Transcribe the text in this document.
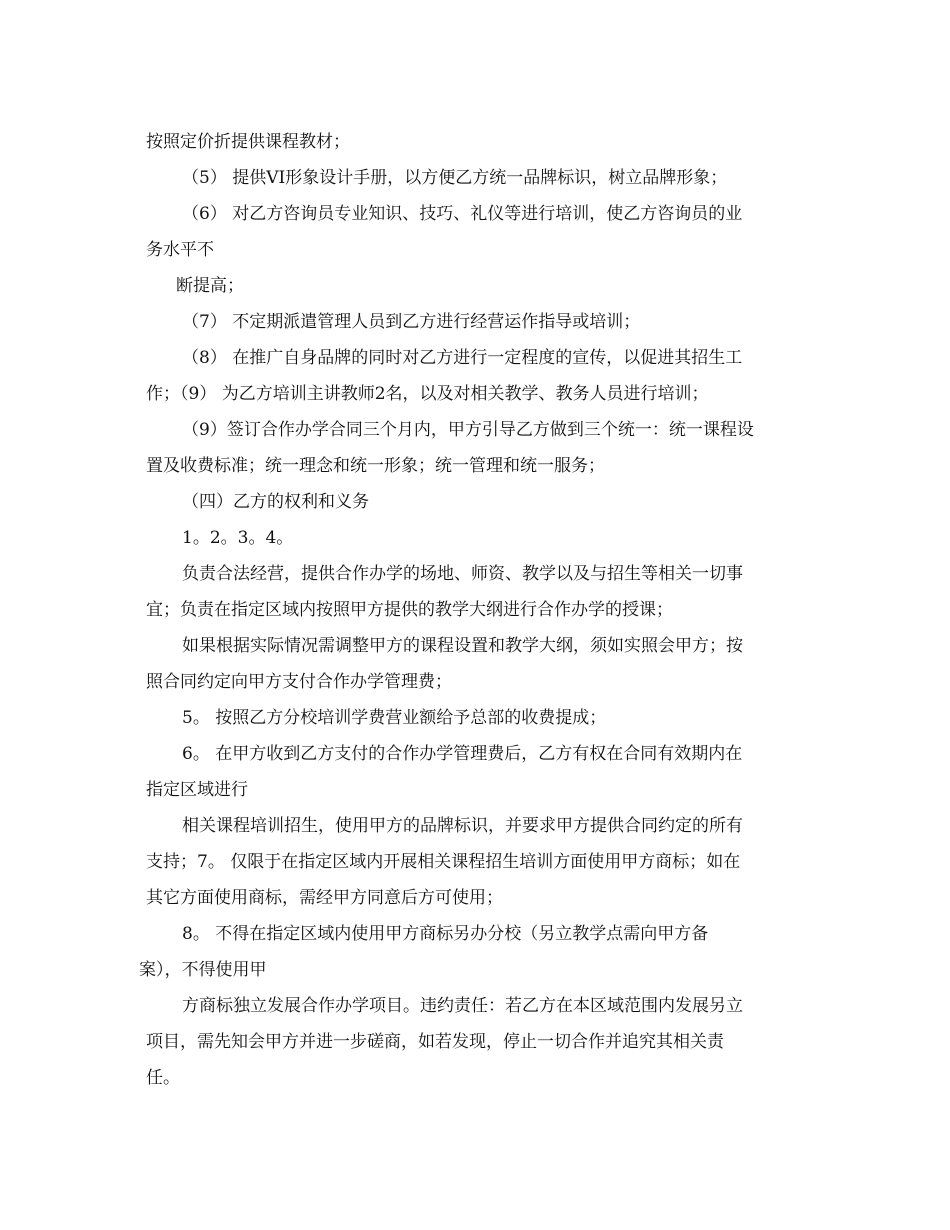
按照定价折提供课程教材；
（5） 提供VI形象设计手册，以方便乙方统一品牌标识，树立品牌形象；
（6） 对乙方咨询员专业知识、技巧、礼仪等进行培训，使乙方咨询员的业
务水平不
断提高；
（7） 不定期派遣管理人员到乙方进行经营运作指导或培训；
（8） 在推广自身品牌的同时对乙方进行一定程度的宣传，以促进其招生工
作；（9） 为乙方培训主讲教师2名，以及对相关教学、教务人员进行培训；
（9）签订合作办学合同三个月内，甲方引导乙方做到三个统一：统一课程设
置及收费标准；统一理念和统一形象；统一管理和统一服务；
（四）乙方的权利和义务
1。2。3。4。
负责合法经营，提供合作办学的场地、师资、教学以及与招生等相关一切事
宜；负责在指定区域内按照甲方提供的教学大纲进行合作办学的授课；
如果根据实际情况需调整甲方的课程设置和教学大纲，须如实照会甲方；按
照合同约定向甲方支付合作办学管理费；
5。 按照乙方分校培训学费营业额给予总部的收费提成；
6。 在甲方收到乙方支付的合作办学管理费后，乙方有权在合同有效期内在
指定区域进行
相关课程培训招生，使用甲方的品牌标识，并要求甲方提供合同约定的所有
支持；7。 仅限于在指定区域内开展相关课程招生培训方面使用甲方商标；如在
其它方面使用商标，需经甲方同意后方可使用；
8。 不得在指定区域内使用甲方商标另办分校（另立教学点需向甲方备
案），不得使用甲
方商标独立发展合作办学项目。违约责任：若乙方在本区域范围内发展另立
项目，需先知会甲方并进一步磋商，如若发现，停止一切合作并追究其相关责
任。
